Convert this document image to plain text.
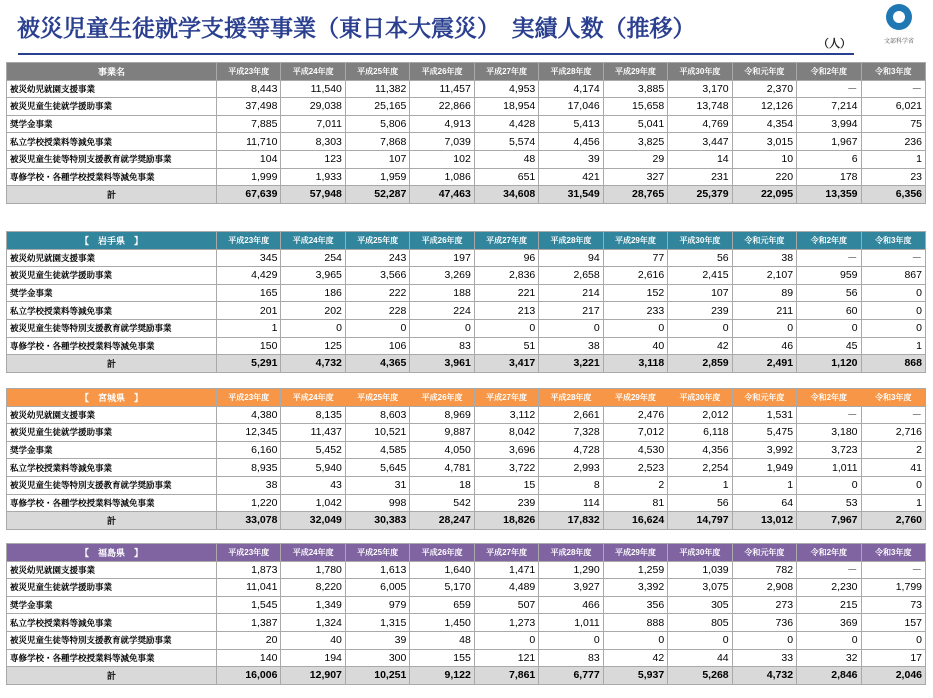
被災児童生徒就学支援等事業（東日本大震災）　実績人数（推移）
（人）	文部科学省
事業名	平成23年度	平成24年度	平成25年度	平成26年度	平成27年度	平成28年度	平成29年度	平成30年度	令和元年度	令和2年度	令和3年度
被災幼児就園支援事業	8,443	11,540	11,382	11,457	4,953	4,174	3,885	3,170	2,370	－	－
被災児童生徒就学援助事業	37,498	29,038	25,165	22,866	18,954	17,046	15,658	13,748	12,126	7,214	6,021
奨学金事業	7,885	7,011	5,806	4,913	4,428	5,413	5,041	4,769	4,354	3,994	75
私立学校授業料等減免事業	11,710	8,303	7,868	7,039	5,574	4,456	3,825	3,447	3,015	1,967	236
被災児童生徒等特別支援教育就学奨励事業	104	123	107	102	48	39	29	14	10	6	1
専修学校・各種学校授業料等減免事業	1,999	1,933	1,959	1,086	651	421	327	231	220	178	23
計	67,639	57,948	52,287	47,463	34,608	31,549	28,765	25,379	22,095	13,359	6,356
【　岩手県　】	平成23年度	平成24年度	平成25年度	平成26年度	平成27年度	平成28年度	平成29年度	平成30年度	令和元年度	令和2年度	令和3年度
被災幼児就園支援事業	345	254	243	197	96	94	77	56	38	－	－
被災児童生徒就学援助事業	4,429	3,965	3,566	3,269	2,836	2,658	2,616	2,415	2,107	959	867
奨学金事業	165	186	222	188	221	214	152	107	89	56	0
私立学校授業料等減免事業	201	202	228	224	213	217	233	239	211	60	0
被災児童生徒等特別支援教育就学奨励事業	1	0	0	0	0	0	0	0	0	0	0
専修学校・各種学校授業料等減免事業	150	125	106	83	51	38	40	42	46	45	1
計	5,291	4,732	4,365	3,961	3,417	3,221	3,118	2,859	2,491	1,120	868
【　宮城県　】	平成23年度	平成24年度	平成25年度	平成26年度	平成27年度	平成28年度	平成29年度	平成30年度	令和元年度	令和2年度	令和3年度
被災幼児就園支援事業	4,380	8,135	8,603	8,969	3,112	2,661	2,476	2,012	1,531	－	－
被災児童生徒就学援助事業	12,345	11,437	10,521	9,887	8,042	7,328	7,012	6,118	5,475	3,180	2,716
奨学金事業	6,160	5,452	4,585	4,050	3,696	4,728	4,530	4,356	3,992	3,723	2
私立学校授業料等減免事業	8,935	5,940	5,645	4,781	3,722	2,993	2,523	2,254	1,949	1,011	41
被災児童生徒等特別支援教育就学奨励事業	38	43	31	18	15	8	2	1	1	0	0
専修学校・各種学校授業料等減免事業	1,220	1,042	998	542	239	114	81	56	64	53	1
計	33,078	32,049	30,383	28,247	18,826	17,832	16,624	14,797	13,012	7,967	2,760
【　福島県　】	平成23年度	平成24年度	平成25年度	平成26年度	平成27年度	平成28年度	平成29年度	平成30年度	令和元年度	令和2年度	令和3年度
被災幼児就園支援事業	1,873	1,780	1,613	1,640	1,471	1,290	1,259	1,039	782	－	－
被災児童生徒就学援助事業	11,041	8,220	6,005	5,170	4,489	3,927	3,392	3,075	2,908	2,230	1,799
奨学金事業	1,545	1,349	979	659	507	466	356	305	273	215	73
私立学校授業料等減免事業	1,387	1,324	1,315	1,450	1,273	1,011	888	805	736	369	157
被災児童生徒等特別支援教育就学奨励事業	20	40	39	48	0	0	0	0	0	0	0
専修学校・各種学校授業料等減免事業	140	194	300	155	121	83	42	44	33	32	17
計	16,006	12,907	10,251	9,122	7,861	6,777	5,937	5,268	4,732	2,846	2,046
